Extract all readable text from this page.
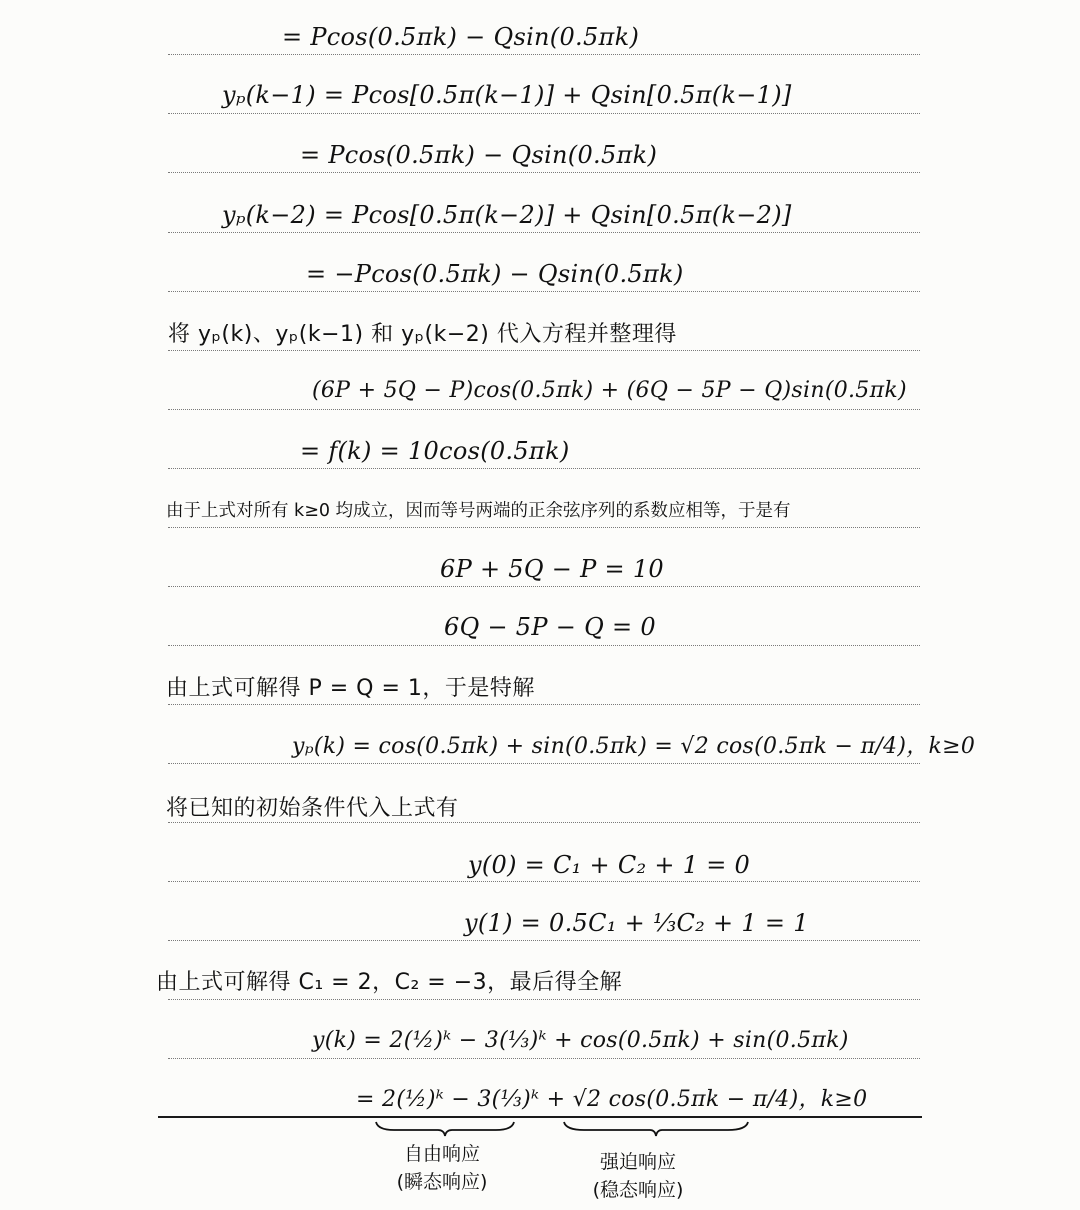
= Pcos(0.5πk) − Qsin(0.5πk)
yₚ(k−1) = Pcos[0.5π(k−1)] + Qsin[0.5π(k−1)]
= Pcos(0.5πk) − Qsin(0.5πk)
yₚ(k−2) = Pcos[0.5π(k−2)] + Qsin[0.5π(k−2)]
= −Pcos(0.5πk) − Qsin(0.5πk)
将 yₚ(k)、yₚ(k−1) 和 yₚ(k−2) 代入方程并整理得
(6P + 5Q − P)cos(0.5πk) + (6Q − 5P − Q)sin(0.5πk)
= f(k) = 10cos(0.5πk)
由于上式对所有 k≥0 均成立，因而等号两端的正余弦序列的系数应相等，于是有
6P + 5Q − P = 10
6Q − 5P − Q = 0
由上式可解得 P = Q = 1，于是特解
yₚ(k) = cos(0.5πk) + sin(0.5πk) = √2 cos(0.5πk − π/4)，k≥0
将已知的初始条件代入上式有
y(0) = C₁ + C₂ + 1 = 0
y(1) = 0.5C₁ + ⅓C₂ + 1 = 1
由上式可解得 C₁ = 2，C₂ = −3，最后得全解
y(k) = 2(½)ᵏ − 3(⅓)ᵏ + cos(0.5πk) + sin(0.5πk)
= 2(½)ᵏ − 3(⅓)ᵏ + √2 cos(0.5πk − π/4)，k≥0
自由响应
(瞬态响应)
强迫响应
(稳态响应)
